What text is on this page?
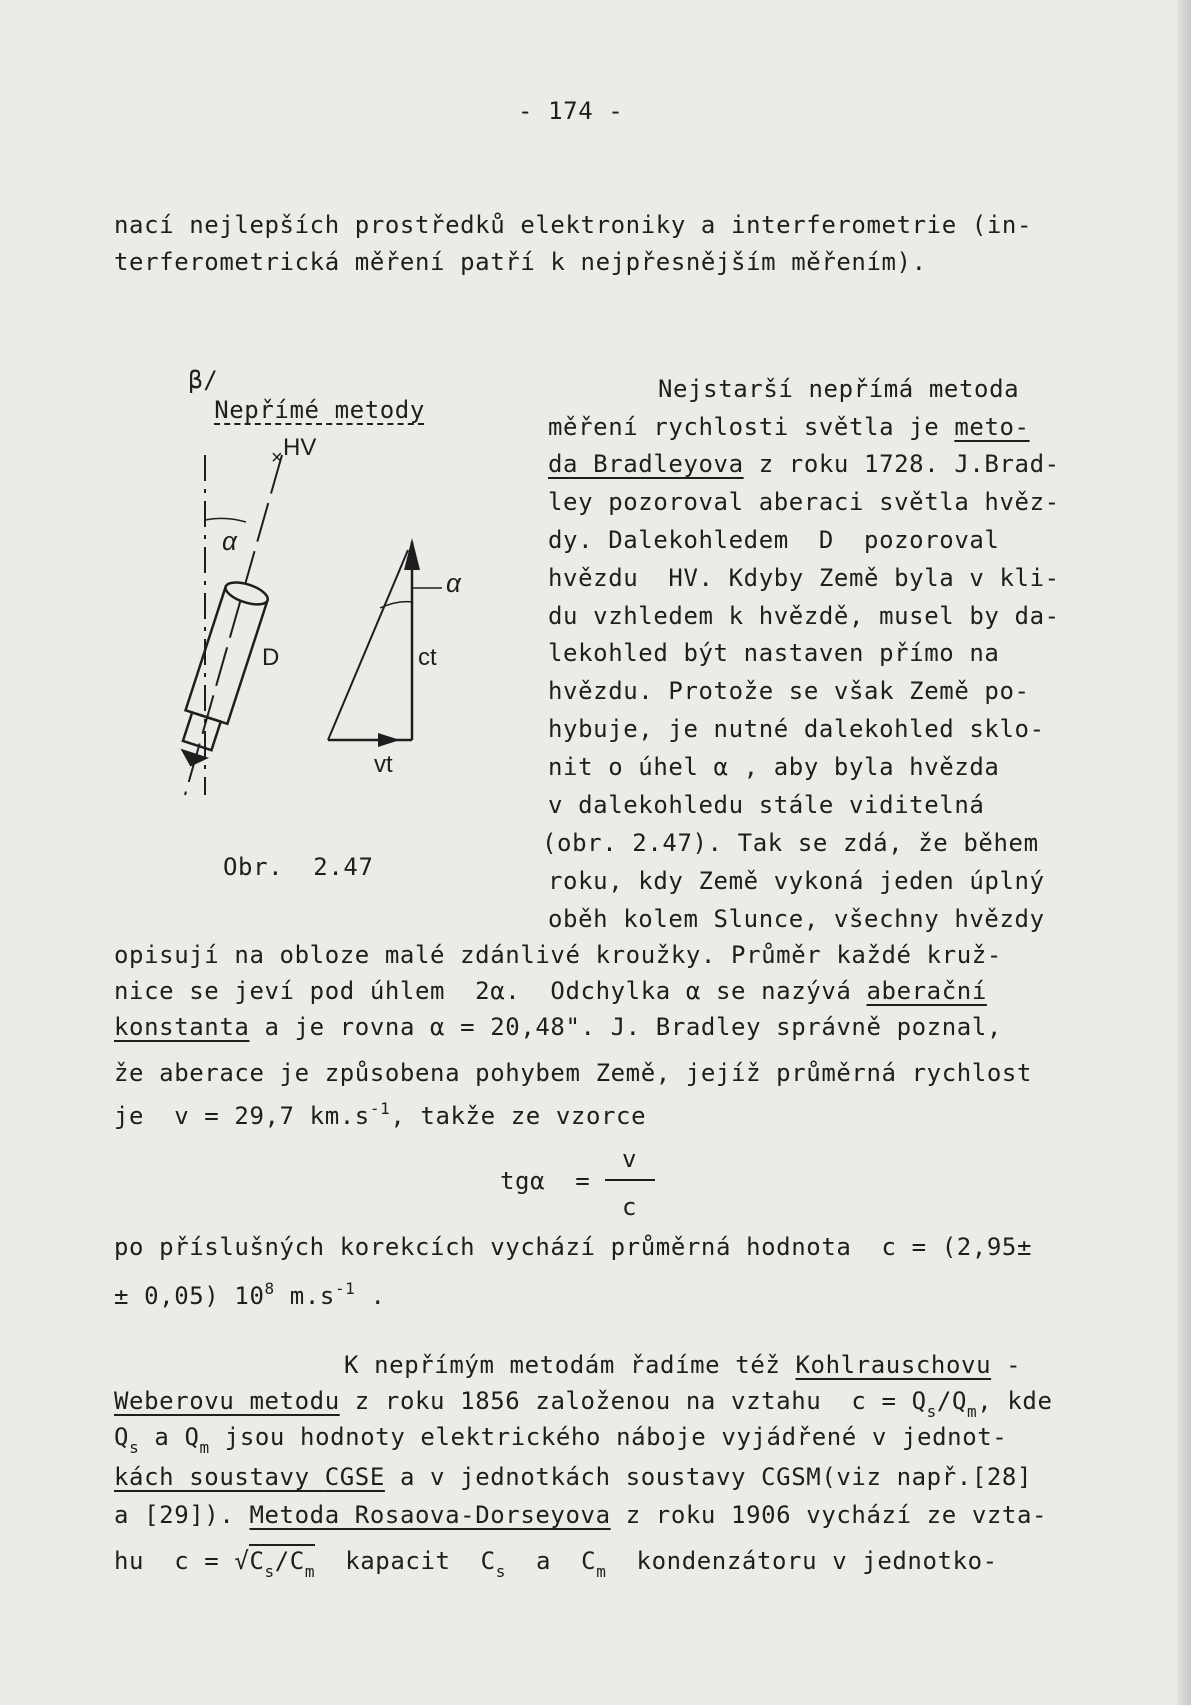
- 174 -
nací nejlepších prostředků elektroniky a interferometrie (in-
terferometrická měření patří k nejpřesnějším měřením).

β/
Nepřímé metody

× HV
α
D
α
ct
vt
Obr.  2.47
Nejstarší nepřímá metoda
měření rychlosti světla je meto-
da Bradleyova z roku 1728. J.Brad-
ley pozoroval aberaci světla hvěz-
dy. Dalekohledem  D  pozoroval
hvězdu  HV. Kdyby Země byla v kli-
du vzhledem k hvězdě, musel by da-
lekohled být nastaven přímo na
hvězdu. Protože se však Země po-
hybuje, je nutné dalekohled sklo-
nit o úhel α , aby byla hvězda
v dalekohledu stále viditelná
(obr. 2.47). Tak se zdá, že během
roku, kdy Země vykoná jeden úplný
oběh kolem Slunce, všechny hvězdy
opisují na obloze malé zdánlivé kroužky. Průměr každé kruž-
nice se jeví pod úhlem  2α.  Odchylka α se nazývá aberační
konstanta a je rovna α = 20,48". J. Bradley správně poznal,
že aberace je způsobena pohybem Země, jejíž průměrná rychlost
je  v = 29,7 $km.s^{-1}$, takže ze vzorce
tgα  =
v
c
po příslušných korekcích vychází průměrná hodnota  c = (2,95±
± 0,05) $10^8$ $m.s^{-1}$ .
K nepřímým metodám řadíme též Kohlrauschovu -
Weberovu metodu z roku 1856 založenou na vztahu  $c = Q_s/Q_m$, kde
$Q_s$ a $Q_m$ jsou hodnoty elektrického náboje vyjádřené v jednot-
kách soustavy CGSE a v jednotkách soustavy CGSM(viz např.[28]
a [29]). Metoda Rosaova-Dorseyova z roku 1906 vychází ze vzta-
hu  $c = √C_s/C_m$  kapacit  $C_s$  a  $C_m$  kondenzátoru v jednotko-
